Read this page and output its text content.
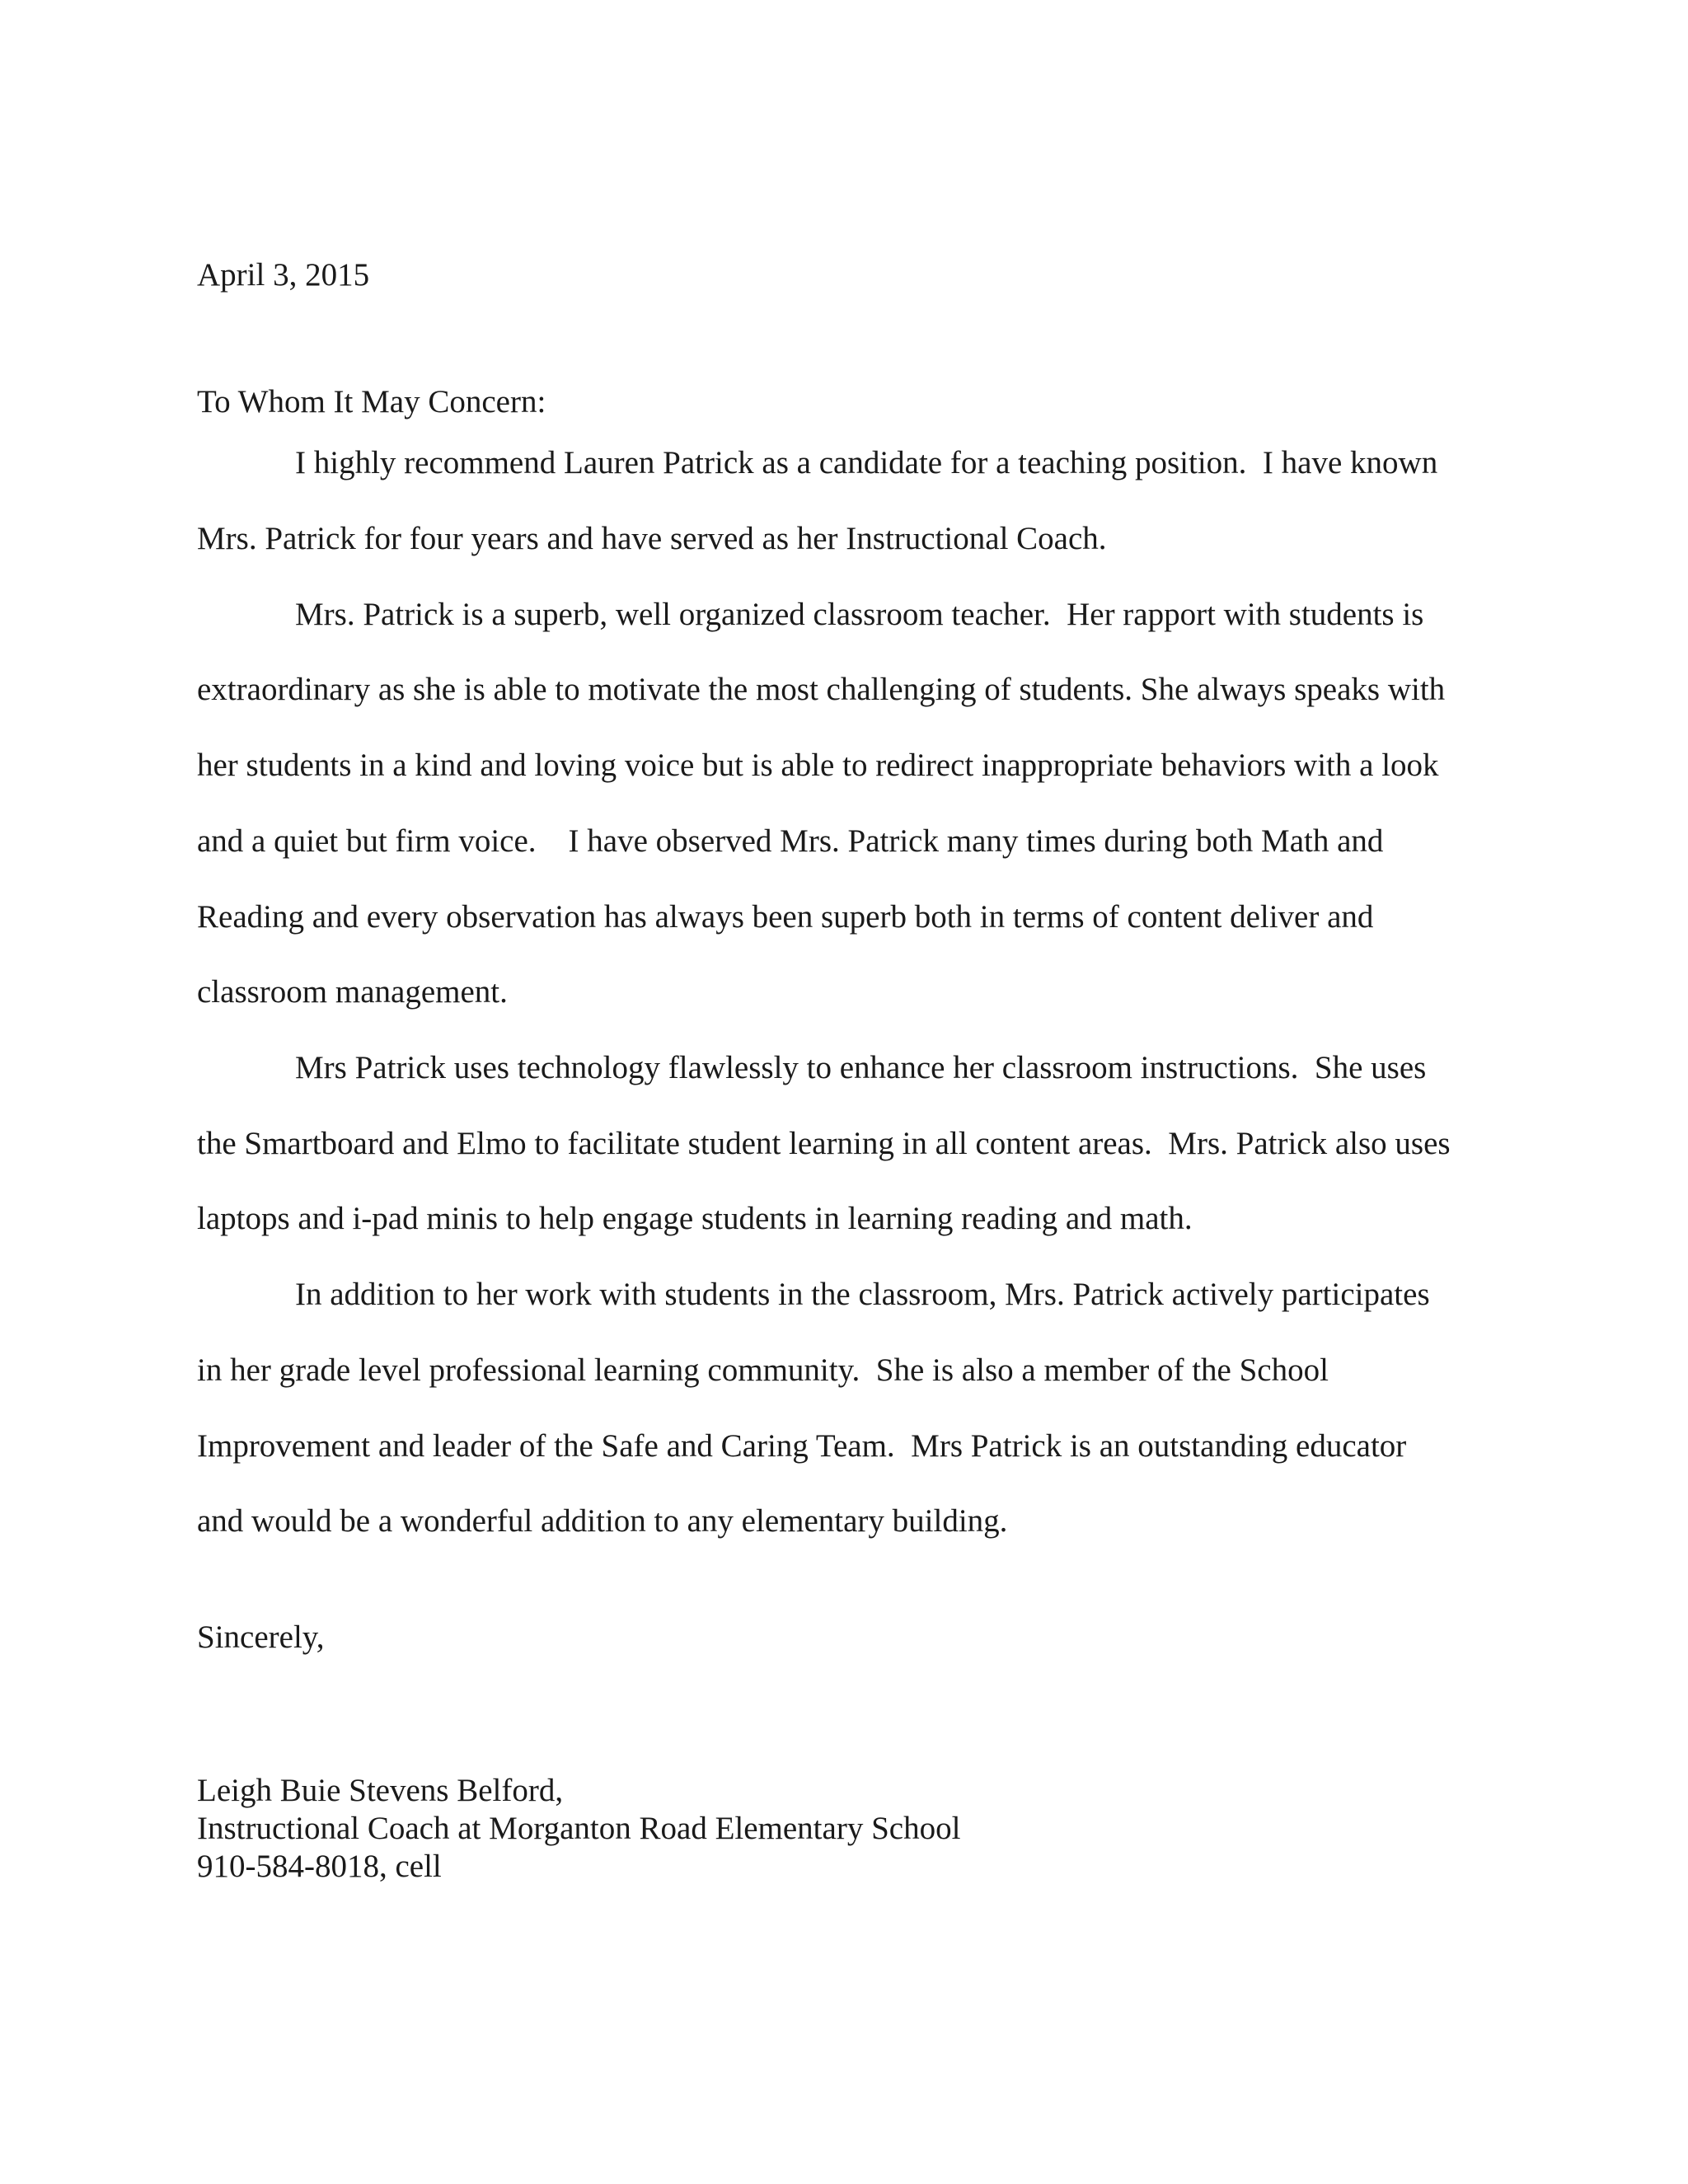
April 3, 2015

To Whom It May Concern:

I highly recommend Lauren Patrick as a candidate for a teaching position.  I have known

Mrs. Patrick for four years and have served as her Instructional Coach.

Mrs. Patrick is a superb, well organized classroom teacher.  Her rapport with students is

extraordinary as she is able to motivate the most challenging of students. She always speaks with

her students in a kind and loving voice but is able to redirect inappropriate behaviors with a look

and a quiet but firm voice.    I have observed Mrs. Patrick many times during both Math and

Reading and every observation has always been superb both in terms of content deliver and

classroom management.

Mrs Patrick uses technology flawlessly to enhance her classroom instructions.  She uses

the Smartboard and Elmo to facilitate student learning in all content areas.  Mrs. Patrick also uses

laptops and i-pad minis to help engage students in learning reading and math.

In addition to her work with students in the classroom, Mrs. Patrick actively participates

in her grade level professional learning community.  She is also a member of the School

Improvement and leader of the Safe and Caring Team.  Mrs Patrick is an outstanding educator

and would be a wonderful addition to any elementary building.

Sincerely,

Leigh Buie Stevens Belford,

Instructional Coach at Morganton Road Elementary School

910-584-8018, cell
